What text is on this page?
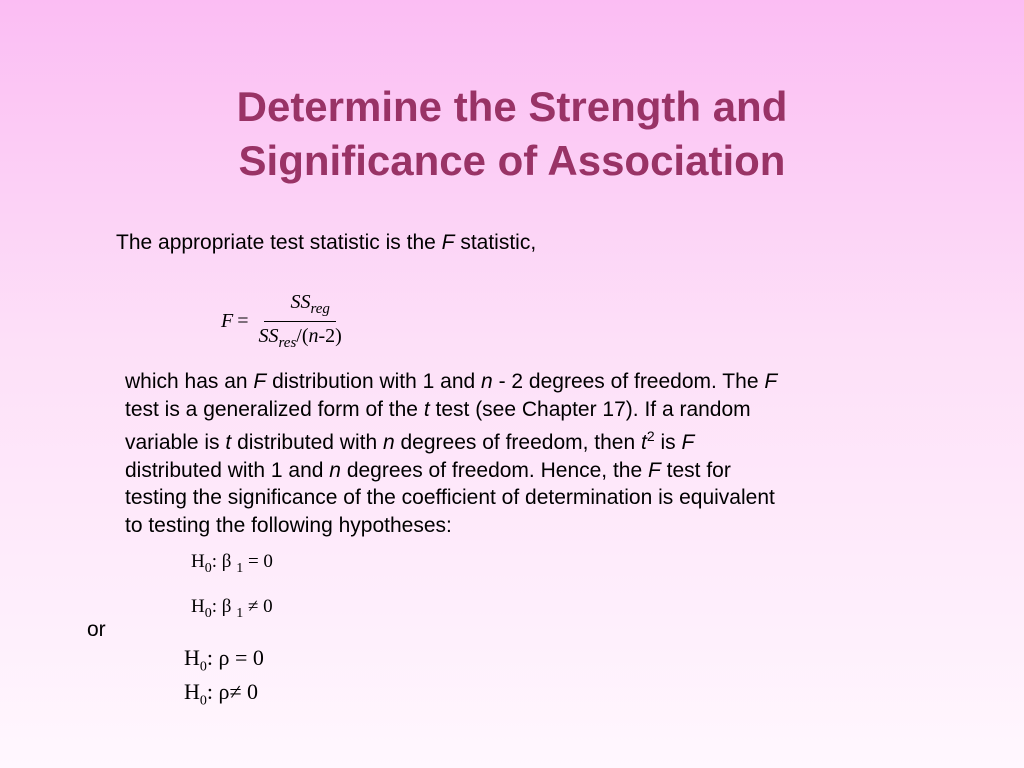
Determine the Strength and
Significance of Association
The appropriate test statistic is the F statistic,
$F = \frac{SS_{reg}}{SS_{res}/(n-2)}$
which has an F distribution with 1 and n - 2 degrees of freedom. The F
test is a generalized form of the t test (see Chapter 17). If a random
variable is t distributed with n degrees of freedom, then $t^2$ is F
distributed with 1 and n degrees of freedom. Hence, the F test for
testing the significance of the coefficient of determination is equivalent
to testing the following hypotheses:
$H_0$: β $_1$ = 0
$H_0$: β $_1$ ≠ 0
or
$H_0$: ρ = 0
$H_0$: ρ≠ 0
